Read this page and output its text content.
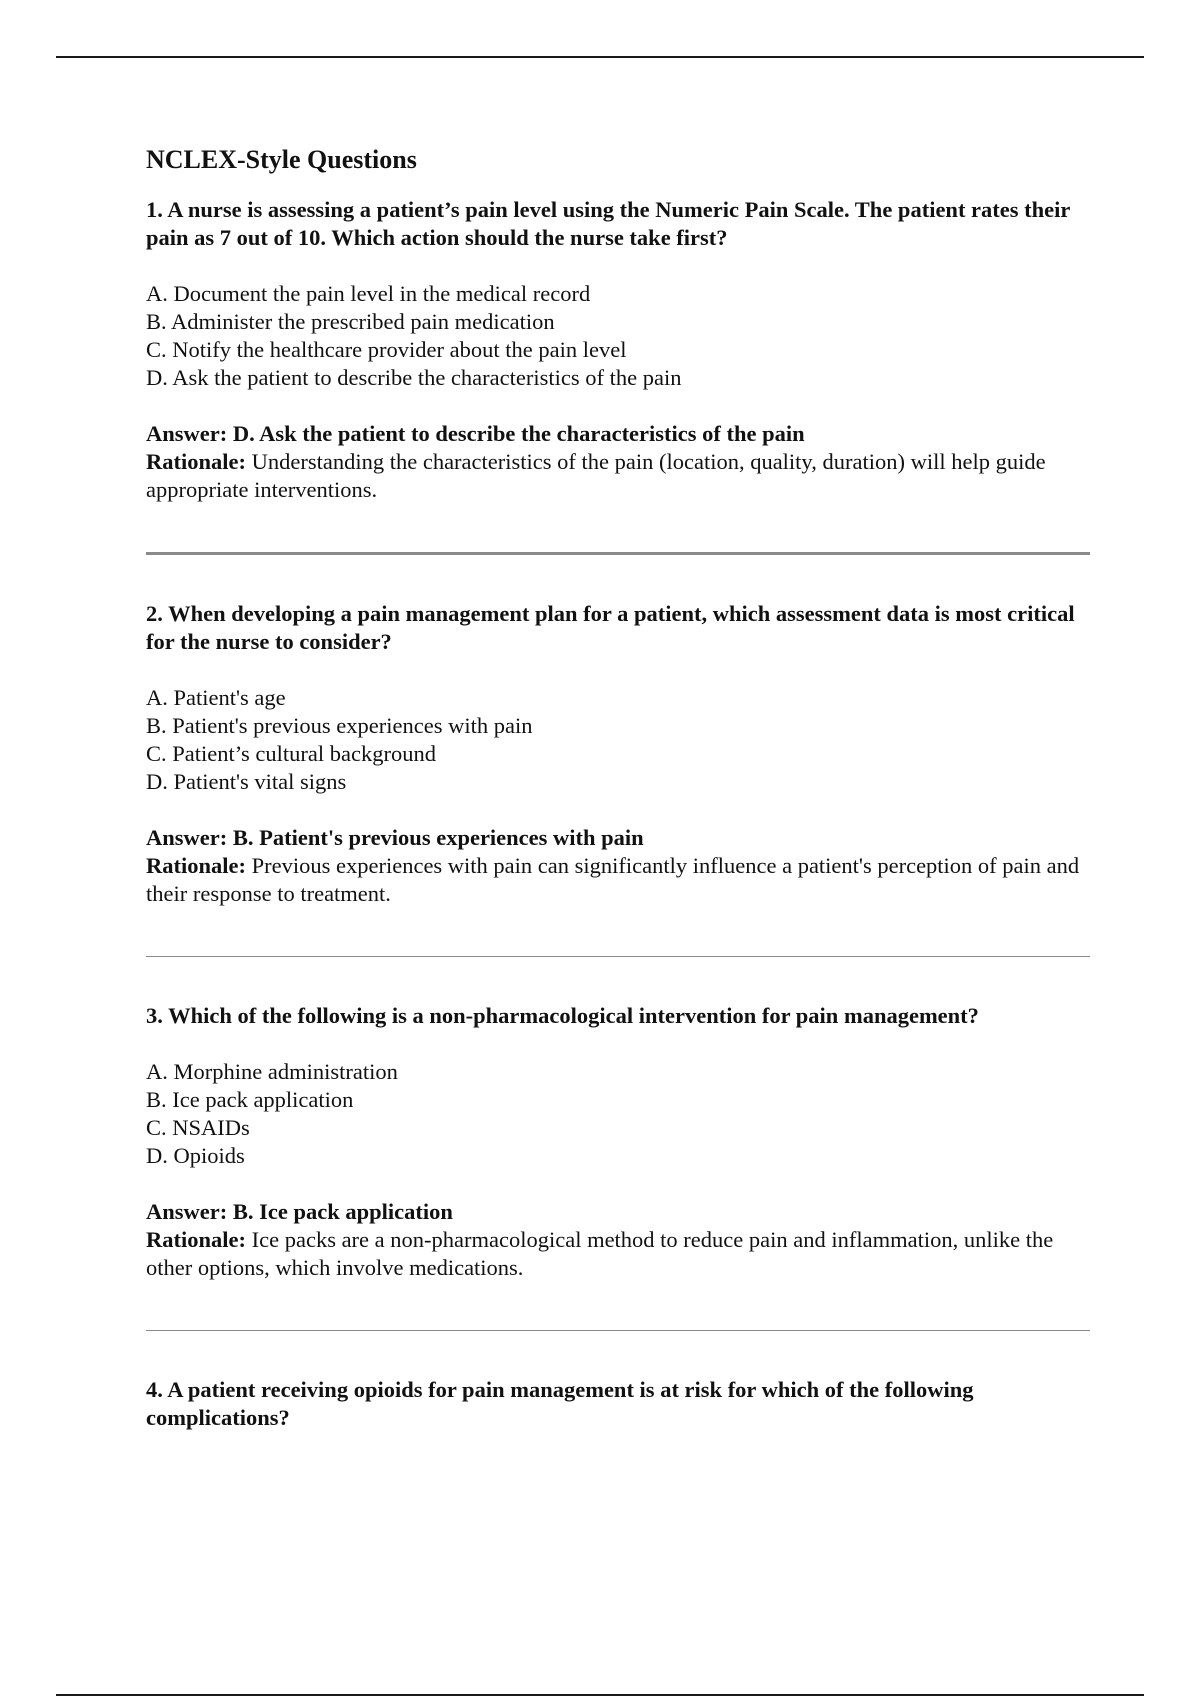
NCLEX-Style Questions

1. A nurse is assessing a patient’s pain level using the Numeric Pain Scale. The patient rates their pain as 7 out of 10. Which action should the nurse take first?

A. Document the pain level in the medical record
B. Administer the prescribed pain medication
C. Notify the healthcare provider about the pain level
D. Ask the patient to describe the characteristics of the pain

Answer: D. Ask the patient to describe the characteristics of the pain

Rationale: Understanding the characteristics of the pain (location, quality, duration) will help guide appropriate interventions.

2. When developing a pain management plan for a patient, which assessment data is most critical for the nurse to consider?

A. Patient's age
B. Patient's previous experiences with pain
C. Patient’s cultural background
D. Patient's vital signs

Answer: B. Patient's previous experiences with pain

Rationale: Previous experiences with pain can significantly influence a patient's perception of pain and their response to treatment.

3. Which of the following is a non-pharmacological intervention for pain management?

A. Morphine administration
B. Ice pack application
C. NSAIDs
D. Opioids

Answer: B. Ice pack application

Rationale: Ice packs are a non-pharmacological method to reduce pain and inflammation, unlike the other options, which involve medications.

4. A patient receiving opioids for pain management is at risk for which of the following complications?
